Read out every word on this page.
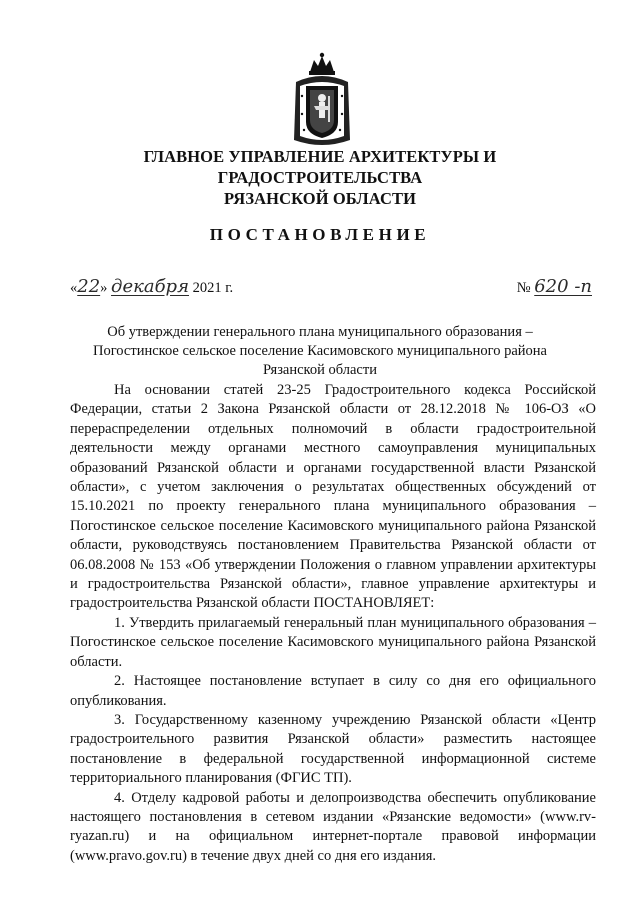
ГЛАВНОЕ УПРАВЛЕНИЕ АРХИТЕКТУРЫ И ГРАДОСТРОИТЕЛЬСТВА
РЯЗАНСКОЙ ОБЛАСТИ
ПОСТАНОВЛЕНИЕ
«22» декабря 2021 г.	№ 620 -п
Об утверждении генерального плана муниципального образования – Погостинское сельское поселение Касимовского муниципального района Рязанской области

На основании статей 23-25 Градостроительного кодекса Российской Федерации, статьи 2 Закона Рязанской области от 28.12.2018 № 106-ОЗ «О перераспределении отдельных полномочий в области градостроительной деятельности между органами местного самоуправления муниципальных образований Рязанской области и органами государственной власти Рязанской области», с учетом заключения о результатах общественных обсуждений от 15.10.2021 по проекту генерального плана муниципального образования – Погостинское сельское поселение Касимовского муниципального района Рязанской области, руководствуясь постановлением Правительства Рязанской области от 06.08.2008 № 153 «Об утверждении Положения о главном управлении архитектуры и градостроительства Рязанской области», главное управление архитектуры и градостроительства Рязанской области ПОСТАНОВЛЯЕТ:

1. Утвердить прилагаемый генеральный план муниципального образования – Погостинское сельское поселение Касимовского муниципального района Рязанской области.

2. Настоящее постановление вступает в силу со дня его официального опубликования.

3. Государственному казенному учреждению Рязанской области «Центр градостроительного развития Рязанской области» разместить настоящее постановление в федеральной государственной информационной системе территориального планирования (ФГИС ТП).

4. Отделу кадровой работы и делопроизводства обеспечить опубликование настоящего постановления в сетевом издании «Рязанские ведомости» (www.rv-ryazan.ru) и на официальном интернет-портале правовой информации (www.pravo.gov.ru) в течение двух дней со дня его издания.
